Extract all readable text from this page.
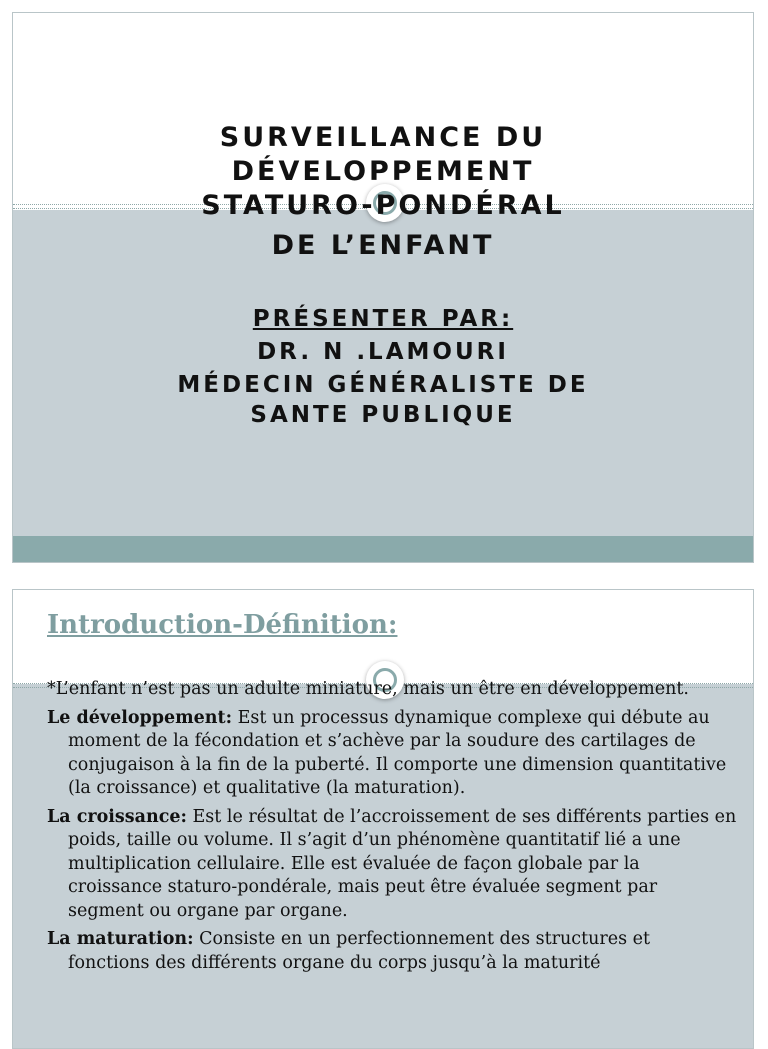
SURVEILLANCE DU
DÉVELOPPEMENT
STATURO-PONDÉRAL
DE L’ENFANT
PRÉSENTER PAR:
DR. N .LAMOURI
MÉDECIN GÉNÉRALISTE DE
SANTE PUBLIQUE
Introduction-Définition:
*L’enfant n’est pas un adulte miniature, mais un être en développement.
Le développement: Est un processus dynamique complexe qui débute au moment de la fécondation et s’achève par la soudure des cartilages de conjugaison à la fin de la puberté. Il comporte une dimension quantitative (la croissance) et qualitative (la maturation).
La croissance: Est le résultat de l’accroissement de ses différents parties en poids, taille ou volume. Il s’agit d’un phénomène quantitatif lié a une multiplication cellulaire. Elle est évaluée de façon globale par la croissance staturo-pondérale, mais peut être évaluée segment par segment ou organe par organe.
La maturation: Consiste en un perfectionnement des structures et fonctions des différents organe du corps jusqu’à la maturité
